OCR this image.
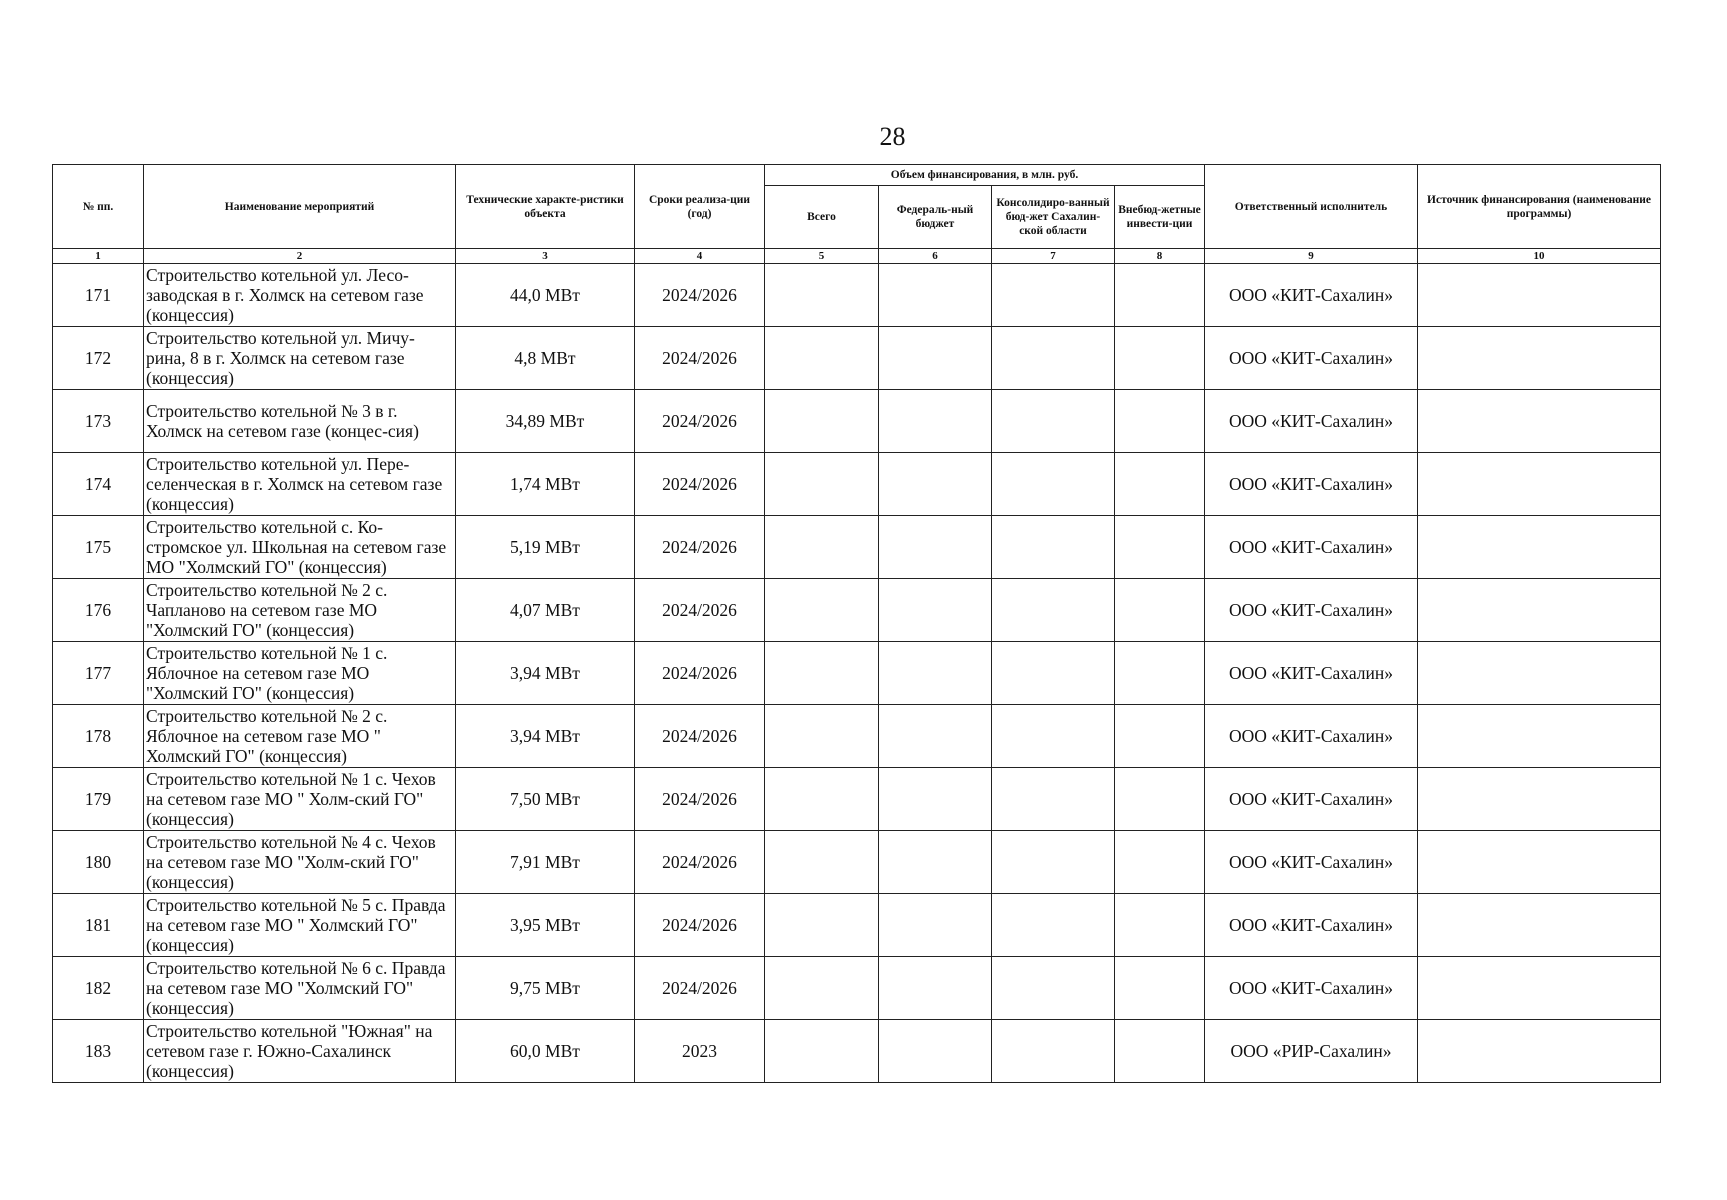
28
№ пп.	Наименование мероприятий	Технические характе-ристики объекта	Сроки реализа-ции (год)	Объем финансирования, в млн. руб.				Ответственный исполнитель	Источник финансирования (наименование программы)
				Всего	Федераль-ный бюджет	Консолидиро-ванный бюд-жет Сахалин-ской области	Внебюд-жетные инвести-ции		
1	2	3	4	5	6	7	8	9	10
171	Строительство котельной ул. Лесо-заводская в г. Холмск на сетевом газе (концессия)	44,0 МВт	2024/2026					ООО «КИТ-Сахалин»	
172	Строительство котельной ул. Мичу-рина, 8 в г. Холмск на сетевом газе (концессия)	4,8 МВт	2024/2026					ООО «КИТ-Сахалин»	
173	Строительство котельной № 3 в г. Холмск на сетевом газе (концес-сия)	34,89 МВт	2024/2026					ООО «КИТ-Сахалин»	
174	Строительство котельной ул. Пере-селенческая в г. Холмск на сетевом газе (концессия)	1,74 МВт	2024/2026					ООО «КИТ-Сахалин»	
175	Строительство котельной с. Ко-стромское ул. Школьная на сетевом газе МО "Холмский ГО" (концессия)	5,19 МВт	2024/2026					ООО «КИТ-Сахалин»	
176	Строительство котельной № 2 с. Чапланово на сетевом газе МО "Холмский ГО" (концессия)	4,07 МВт	2024/2026					ООО «КИТ-Сахалин»	
177	Строительство котельной № 1 с. Яблочное на сетевом газе МО "Холмский ГО" (концессия)	3,94 МВт	2024/2026					ООО «КИТ-Сахалин»	
178	Строительство котельной № 2 с. Яблочное на сетевом газе МО " Холмский ГО" (концессия)	3,94 МВт	2024/2026					ООО «КИТ-Сахалин»	
179	Строительство котельной № 1 с. Чехов на сетевом газе МО " Холм-ский ГО" (концессия)	7,50 МВт	2024/2026					ООО «КИТ-Сахалин»	
180	Строительство котельной № 4 с. Чехов на сетевом газе МО "Холм-ский ГО" (концессия)	7,91 МВт	2024/2026					ООО «КИТ-Сахалин»	
181	Строительство котельной № 5 с. Правда на сетевом газе МО " Холмский ГО" (концессия)	3,95 МВт	2024/2026					ООО «КИТ-Сахалин»	
182	Строительство котельной № 6 с. Правда на сетевом газе МО "Холмский ГО" (концессия)	9,75 МВт	2024/2026					ООО «КИТ-Сахалин»	
183	Строительство котельной "Южная" на сетевом газе г. Южно-Сахалинск (концессия)	60,0 МВт	2023					ООО «РИР-Сахалин»	
